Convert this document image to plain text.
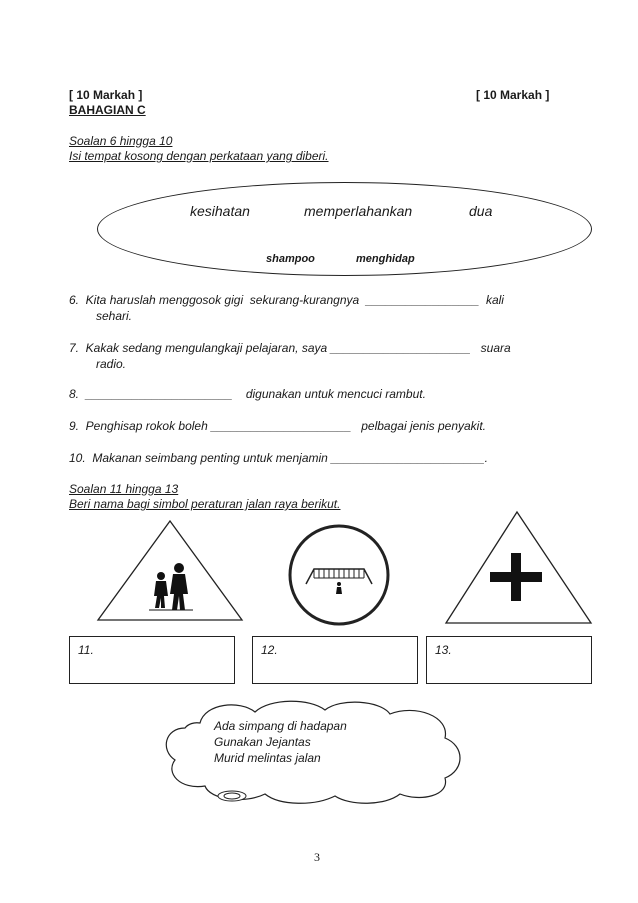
[ 10 Markah ]	[ 10 Markah ]
BAHAGIAN C
Soalan 6 hingga 10
Isi tempat kosong dengan perkataan yang diberi.
kesihatan	memperlahankan	dua
shampoo	menghidap
6.  Kita haruslah menggosok gigi  sekurang-kurangnya  _________________  kali
sehari.
7.  Kakak sedang mengulangkaji pelajaran, saya _____________________   suara
radio.
8.  ______________________    digunakan untuk mencuci rambut.
9.  Penghisap rokok boleh _____________________   pelbagai jenis penyakit.
10.  Makanan seimbang penting untuk menjamin _______________________.
Soalan 11 hingga 13
Beri nama bagi simbol peraturan jalan raya berikut.
11.	12.	13.
Ada simpang di hadapan
Gunakan Jejantas
Murid melintas jalan
3
